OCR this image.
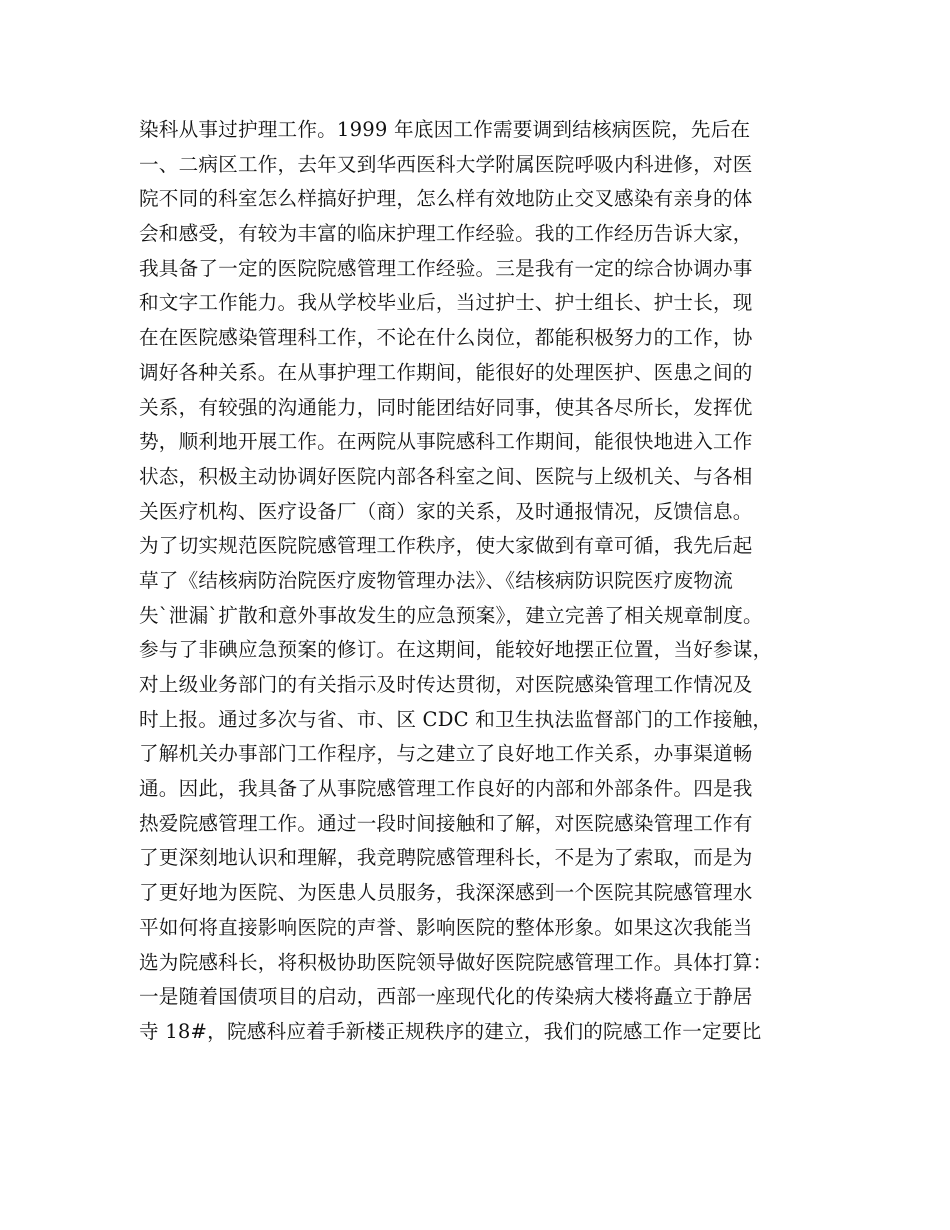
染科从事过护理工作。1999 年底因工作需要调到结核病医院，先后在
一、二病区工作，去年又到华西医科大学附属医院呼吸内科进修，对医
院不同的科室怎么样搞好护理，怎么样有效地防止交叉感染有亲身的体
会和感受，有较为丰富的临床护理工作经验。我的工作经历告诉大家，
我具备了一定的医院院感管理工作经验。三是我有一定的综合协调办事
和文字工作能力。我从学校毕业后，当过护士、护士组长、护士长，现
在在医院感染管理科工作，不论在什么岗位，都能积极努力的工作，协
调好各种关系。在从事护理工作期间，能很好的处理医护、医患之间的
关系，有较强的沟通能力，同时能团结好同事，使其各尽所长，发挥优
势，顺利地开展工作。在两院从事院感科工作期间，能很快地进入工作
状态，积极主动协调好医院内部各科室之间、医院与上级机关、与各相
关医疗机构、医疗设备厂（商）家的关系，及时通报情况，反馈信息。
为了切实规范医院院感管理工作秩序，使大家做到有章可循，我先后起
草了《结核病防治院医疗废物管理办法》、《结核病防识院医疗废物流
失`泄漏`扩散和意外事故发生的应急预案》，建立完善了相关规章制度。
参与了非碘应急预案的修订。在这期间，能较好地摆正位置，当好参谋，
对上级业务部门的有关指示及时传达贯彻，对医院感染管理工作情况及
时上报。通过多次与省、市、区 CDC 和卫生执法监督部门的工作接触，
了解机关办事部门工作程序，与之建立了良好地工作关系，办事渠道畅
通。因此，我具备了从事院感管理工作良好的内部和外部条件。四是我
热爱院感管理工作。通过一段时间接触和了解，对医院感染管理工作有
了更深刻地认识和理解，我竞聘院感管理科长，不是为了索取，而是为
了更好地为医院、为医患人员服务，我深深感到一个医院其院感管理水
平如何将直接影响医院的声誉、影响医院的整体形象。如果这次我能当
选为院感科长，将积极协助医院领导做好医院院感管理工作。具体打算：
一是随着国债项目的启动，西部一座现代化的传染病大楼将矗立于静居
寺 18#，院感科应着手新楼正规秩序的建立，我们的院感工作一定要比
